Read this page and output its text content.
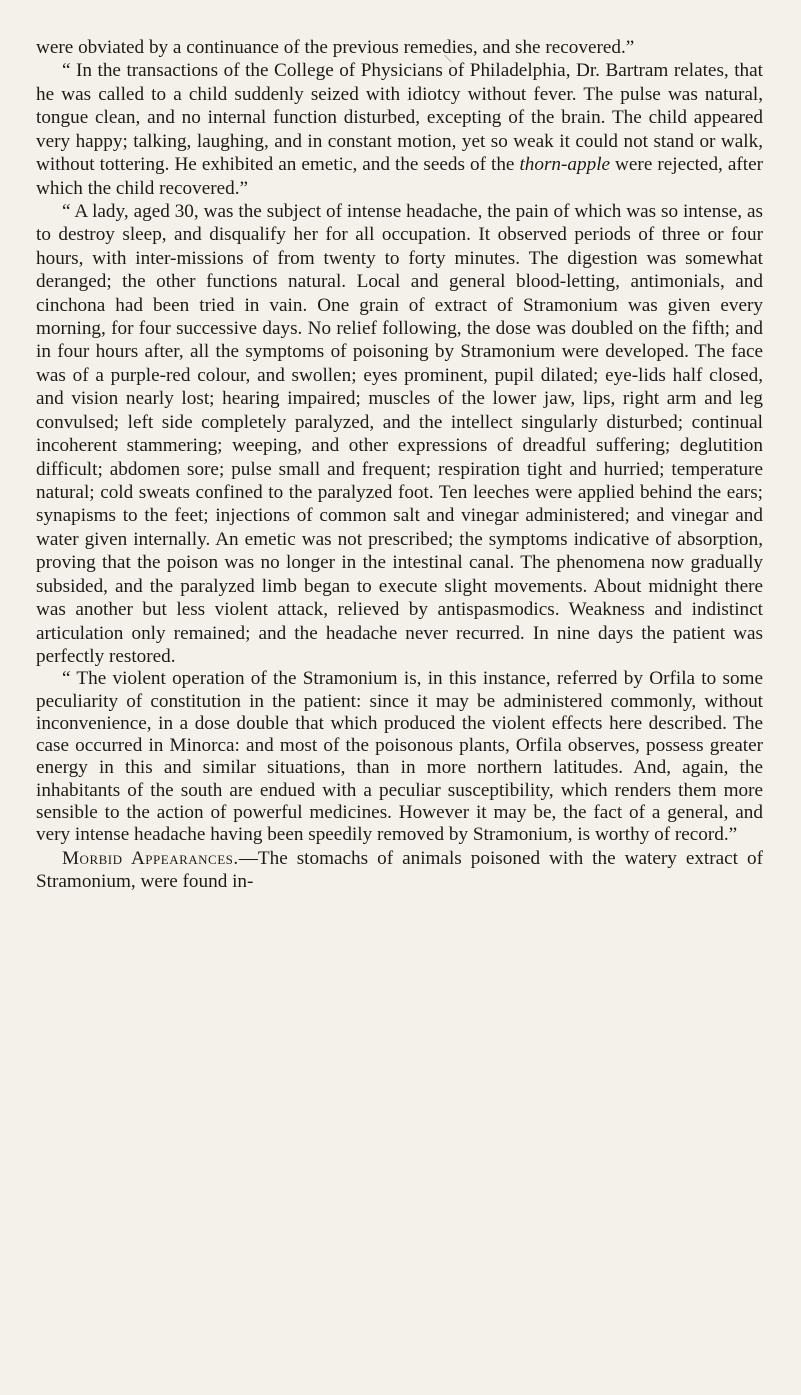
were obviated by a continuance of the previous remedies, and she recovered.”

“ In the transactions of the College of Physicians of Philadelphia, Dr. Bartram relates, that he was called to a child suddenly seized with idiotcy without fever. The pulse was natural, tongue clean, and no internal function disturbed, excepting of the brain. The child appeared very happy; talking, laughing, and in constant motion, yet so weak it could not stand or walk, without tottering. He exhibited an emetic, and the seeds of the thorn-apple were rejected, after which the child recovered.”

“ A lady, aged 30, was the subject of intense headache, the pain of which was so intense, as to destroy sleep, and disqualify her for all occupation. It observed periods of three or four hours, with inter-missions of from twenty to forty minutes. The digestion was somewhat deranged; the other functions natural. Local and general blood-letting, antimonials, and cinchona had been tried in vain. One grain of extract of Stramonium was given every morning, for four successive days. No relief following, the dose was doubled on the fifth; and in four hours after, all the symptoms of poisoning by Stramonium were developed. The face was of a purple-red colour, and swollen; eyes prominent, pupil dilated; eye-lids half closed, and vision nearly lost; hearing impaired; muscles of the lower jaw, lips, right arm and leg convulsed; left side completely paralyzed, and the intellect singularly disturbed; continual incoherent stammering; weeping, and other expressions of dreadful suffering; deglutition difficult; abdomen sore; pulse small and frequent; respiration tight and hurried; temperature natural; cold sweats confined to the paralyzed foot. Ten leeches were applied behind the ears; synapisms to the feet; injections of common salt and vinegar administered; and vinegar and water given internally. An emetic was not prescribed; the symptoms indicative of absorption, proving that the poison was no longer in the intestinal canal. The phenomena now gradually subsided, and the paralyzed limb began to execute slight movements. About midnight there was another but less violent attack, relieved by antispasmodics. Weakness and indistinct articulation only remained; and the headache never recurred. In nine days the patient was perfectly restored.

“ The violent operation of the Stramonium is, in this instance, referred by Orfila to some peculiarity of constitution in the patient: since it may be administered commonly, without inconvenience, in a dose double that which produced the violent effects here described. The case occurred in Minorca: and most of the poisonous plants, Orfila observes, possess greater energy in this and similar situations, than in more northern latitudes. And, again, the inhabitants of the south are endued with a peculiar susceptibility, which renders them more sensible to the action of powerful medicines. However it may be, the fact of a general, and very intense headache having been speedily removed by Stramonium, is worthy of record.”

Morbid Appearances.—The stomachs of animals poisoned with the watery extract of Stramonium, were found in-
